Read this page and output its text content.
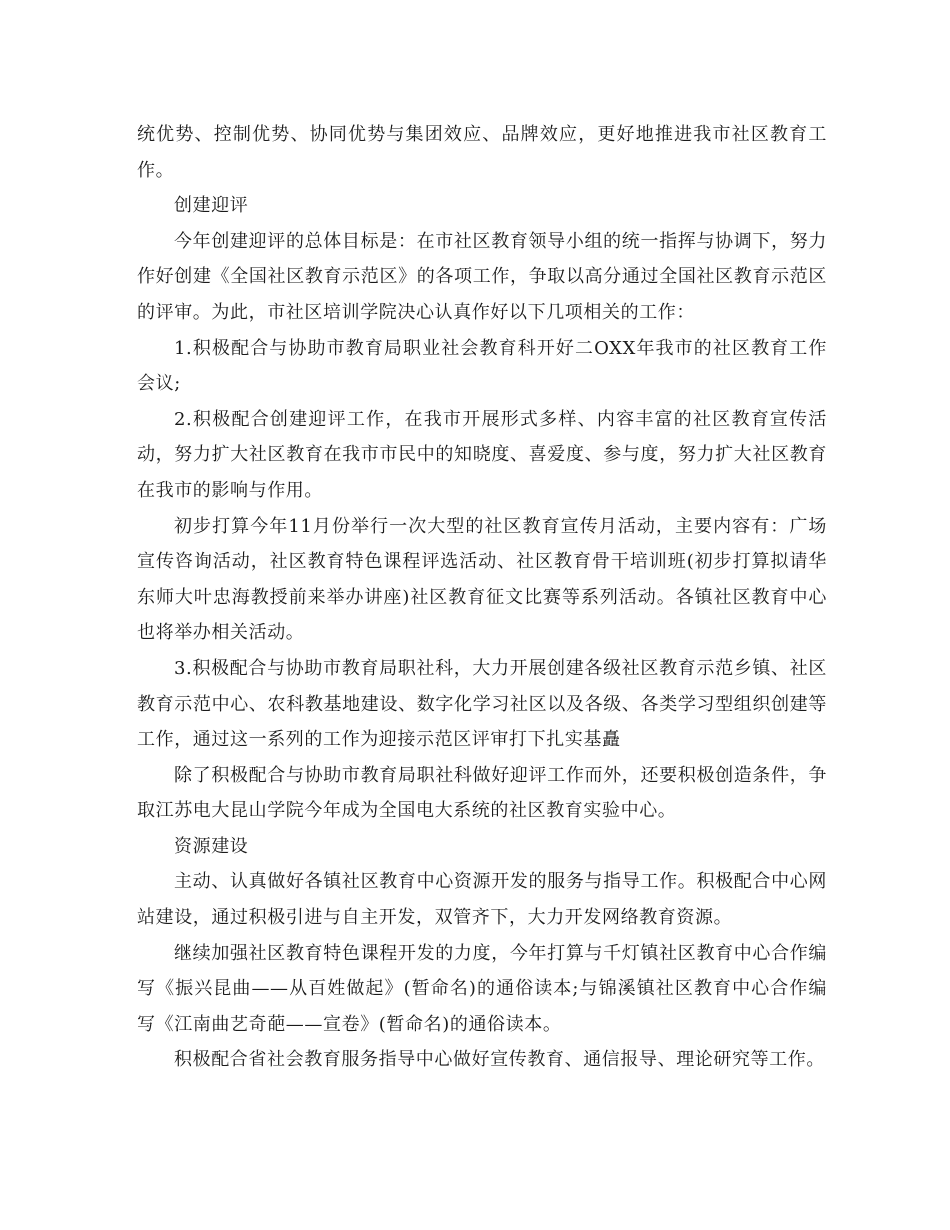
统优势、控制优势、协同优势与集团效应、品牌效应，更好地推进我市社区教育工作。

创建迎评

今年创建迎评的总体目标是：在市社区教育领导小组的统一指挥与协调下，努力作好创建《全国社区教育示范区》的各项工作，争取以高分通过全国社区教育示范区的评审。为此，市社区培训学院决心认真作好以下几项相关的工作：

1.积极配合与协助市教育局职业社会教育科开好二OXX年我市的社区教育工作会议;

2.积极配合创建迎评工作，在我市开展形式多样、内容丰富的社区教育宣传活动，努力扩大社区教育在我市市民中的知晓度、喜爱度、参与度，努力扩大社区教育在我市的影响与作用。

初步打算今年11月份举行一次大型的社区教育宣传月活动，主要内容有：广场宣传咨询活动，社区教育特色课程评选活动、社区教育骨干培训班(初步打算拟请华东师大叶忠海教授前来举办讲座)社区教育征文比赛等系列活动。各镇社区教育中心也将举办相关活动。

3.积极配合与协助市教育局职社科，大力开展创建各级社区教育示范乡镇、社区教育示范中心、农科教基地建设、数字化学习社区以及各级、各类学习型组织创建等工作，通过这一系列的工作为迎接示范区评审打下扎实基矗

除了积极配合与协助市教育局职社科做好迎评工作而外，还要积极创造条件，争取江苏电大昆山学院今年成为全国电大系统的社区教育实验中心。

资源建设

主动、认真做好各镇社区教育中心资源开发的服务与指导工作。积极配合中心网站建设，通过积极引进与自主开发，双管齐下，大力开发网络教育资源。

继续加强社区教育特色课程开发的力度，今年打算与千灯镇社区教育中心合作编写《振兴昆曲——从百姓做起》(暂命名)的通俗读本;与锦溪镇社区教育中心合作编写《江南曲艺奇葩——宣卷》(暂命名)的通俗读本。

积极配合省社会教育服务指导中心做好宣传教育、通信报导、理论研究等工作。
